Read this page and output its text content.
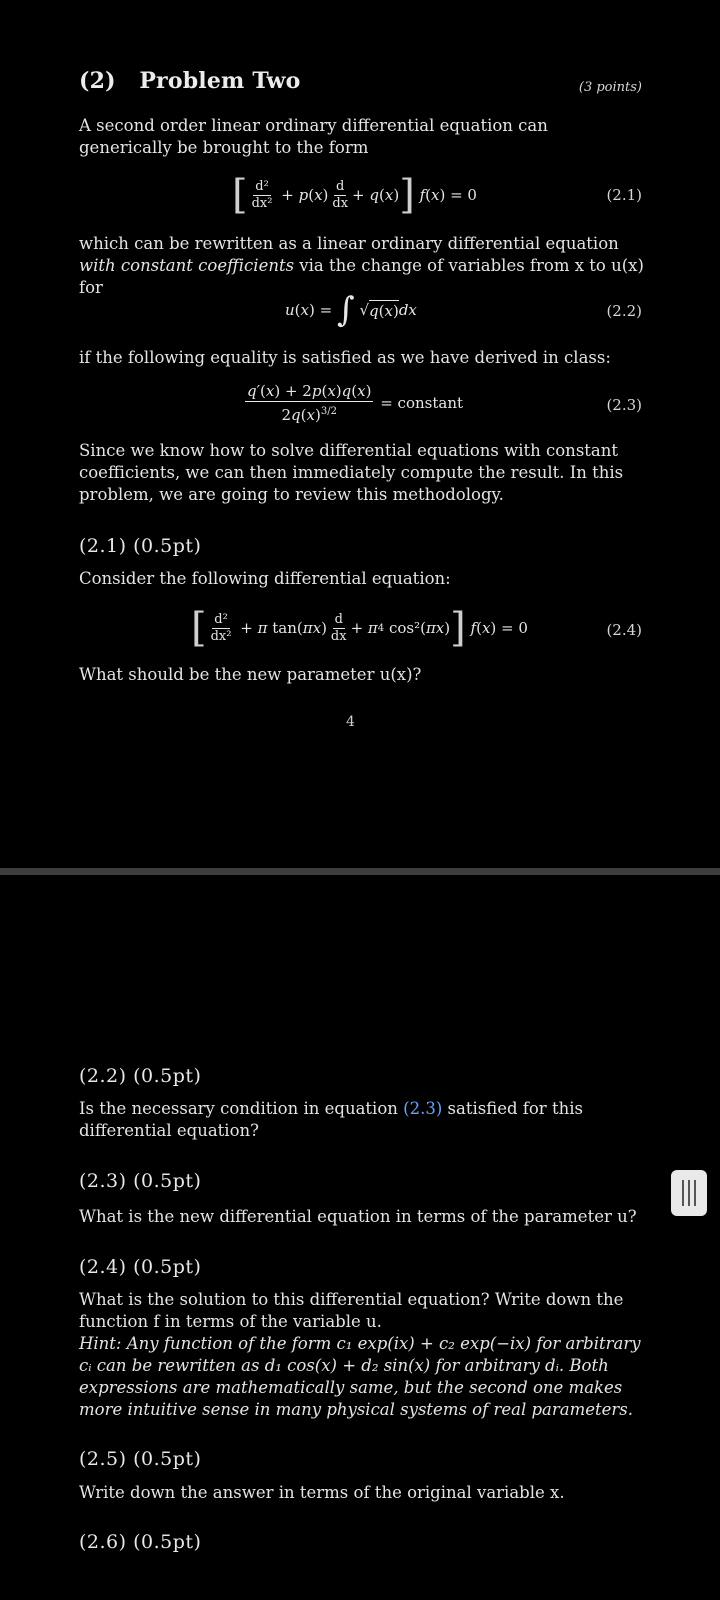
(2) Problem Two	(3 points)
A second order linear ordinary differential equation can generically be brought to the form
[ $\frac{\text{d²}}{\text{dx²}} + p$ ( x ) $\frac{d}{dx} + q$ ( x ) ]
f ( x ) = 0	(2.1)
which can be rewritten as a linear ordinary differential equation with constant coefficients via the change of variables from x to u(x) for
u ( x ) = ∫ √ q(x) dx	(2.2)
if the following equality is satisfied as we have derived in class:
$\frac{q'(x) + 2p(x)q(x)}{2q(x)^{3/2}}$
= constant	(2.3)
Since we know how to solve differential equations with constant coefficients, we can then immediately compute the result. In this problem, we are going to review this methodology.
(2.1) (0.5pt)
Consider the following differential equation:
[ $\frac{\text{d²}}{\text{dx²}} + \pi$ tan( πx ) $\frac{d}{dx} + \pi$ 4 cos²( πx ) ]
f ( x ) = 0	(2.4)
What should be the new parameter u(x)?
4
(2.2) (0.5pt)
Is the necessary condition in equation (2.3) satisfied for this differential equation?
(2.3) (0.5pt)
What is the new differential equation in terms of the parameter u?
(2.4) (0.5pt)
What is the solution to this differential equation? Write down the function f in terms of the variable u.
Hint: Any function of the form c₁ exp(ix) + c₂ exp(−ix) for arbitrary cᵢ can be rewritten as d₁ cos(x) + d₂ sin(x) for arbitrary dᵢ. Both expressions are mathematically same, but the second one makes more intuitive sense in many physical systems of real parameters.
(2.5) (0.5pt)
Write down the answer in terms of the original variable x.
(2.6) (0.5pt)
